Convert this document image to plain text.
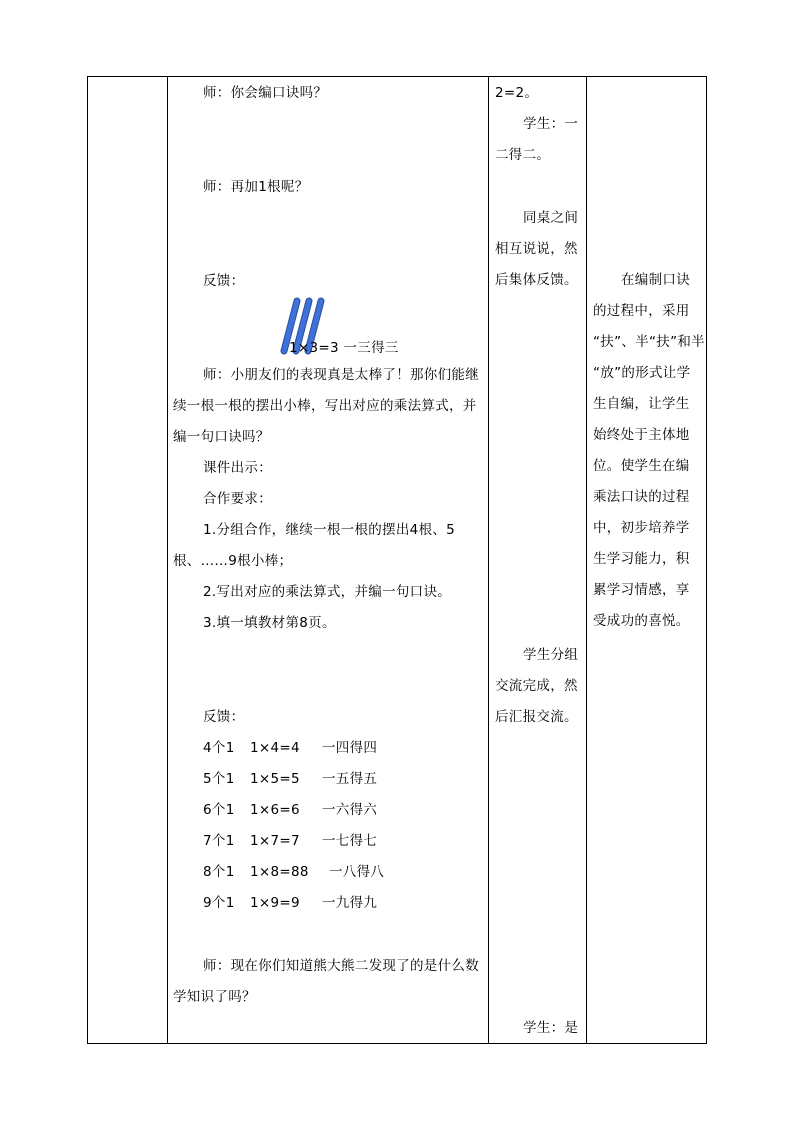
师：你会编口诀吗？
师：再加1根呢？
反馈：
1×3=3 一三得三
师：小朋友们的表现真是太棒了！那你们能继
续一根一根的摆出小棒，写出对应的乘法算式，并
编一句口诀吗？
课件出示：
合作要求：
1.分组合作，继续一根一根的摆出4根、5
根、……9根小棒；
2.写出对应的乘法算式，并编一句口诀。
3.填一填教材第8页。
反馈：
4个1 1×4=4 一四得四
5个1 1×5=5 一五得五
6个1 1×6=6 一六得六
7个1 1×7=7 一七得七
8个1 1×8=88 一八得八
9个1 1×9=9 一九得九
师：现在你们知道熊大熊二发现了的是什么数
学知识了吗？
2=2。
学生：一
二得二。
同桌之间
相互说说，然
后集体反馈。
学生分组
交流完成，然
后汇报交流。
学生：是
在编制口诀
的过程中，采用
“扶”、半“扶”和半
“放”的形式让学
生自编，让学生
始终处于主体地
位。使学生在编
乘法口诀的过程
中，初步培养学
生学习能力，积
累学习情感，享
受成功的喜悦。
